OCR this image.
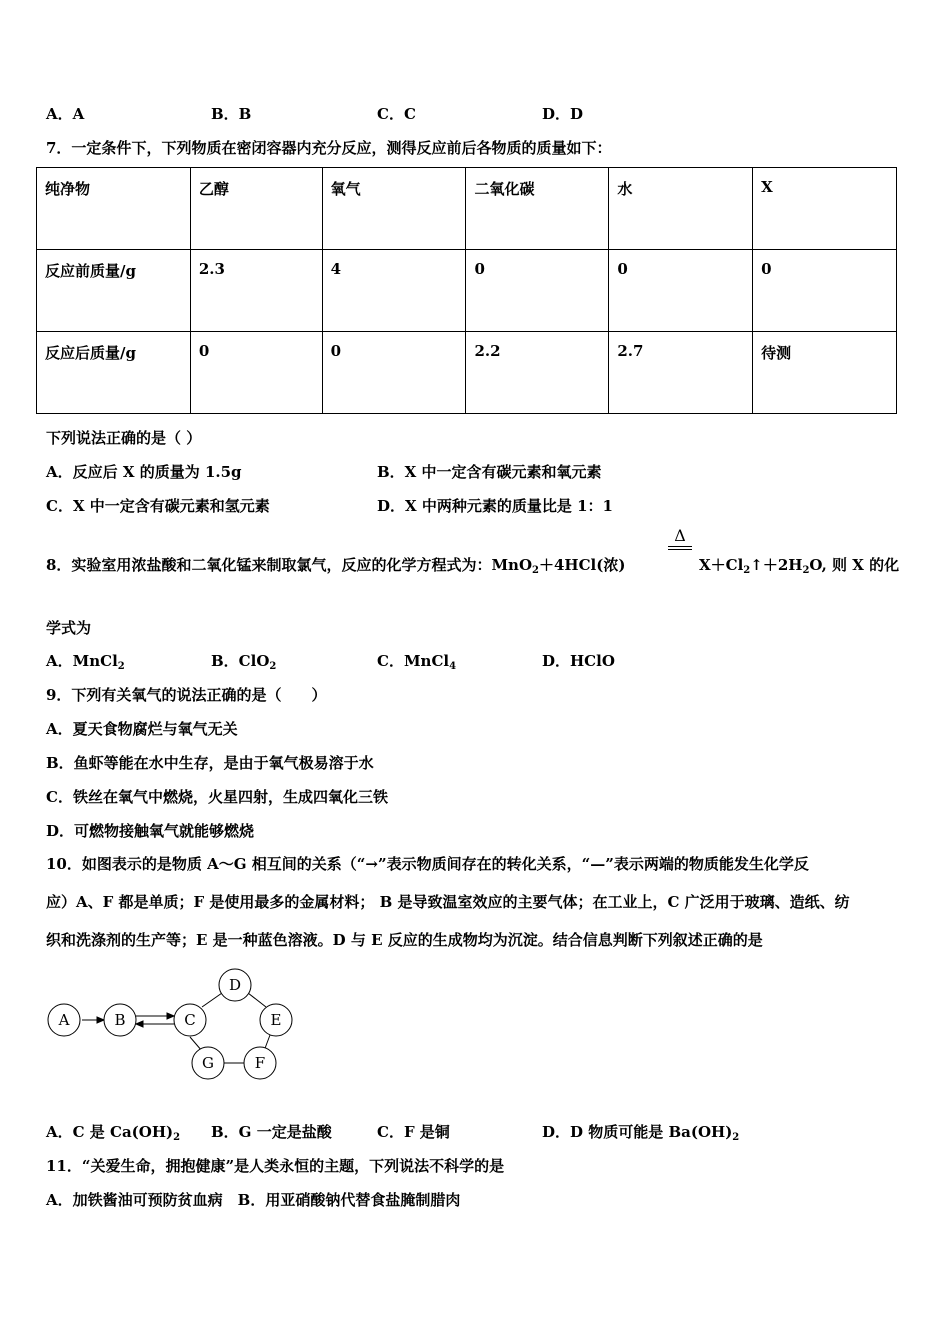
A．A	B．B	C．C	D．D
7．一定条件下，下列物质在密闭容器内充分反应，测得反应前后各物质的质量如下：
纯净物	乙醇	氧气	二氧化碳	水	X
反应前质量/g	2.3	4	0	0	0
反应后质量/g	0	0	2.2	2.7	待测
下列说法正确的是（ ）
A．反应后 X 的质量为 1.5g	B．X 中一定含有碳元素和氧元素
C．X 中一定含有碳元素和氢元素	D．X 中两种元素的质量比是 1：1
8．实验室用浓盐酸和二氧化锰来制取氯气，反应的化学方程式为：MnO$_2$＋4HCl(浓)
Δ
$X+Cl_2↑+2H_2O$, 则 X 的化
学式为
A．MnCl$_2$	B．ClO$_2$	C．MnCl$_4$	D．HClO
9．下列有关氧气的说法正确的是（　　）
A．夏天食物腐烂与氧气无关
B．鱼虾等能在水中生存，是由于氧气极易溶于水
C．铁丝在氧气中燃烧，火星四射，生成四氧化三铁
D．可燃物接触氧气就能够燃烧
10．如图表示的是物质 A～G 相互间的关系（“→”表示物质间存在的转化关系，“—”表示两端的物质能发生化学反
应）A、F 都是单质；F 是使用最多的金属材料； B 是导致温室效应的主要气体；在工业上，C 广泛用于玻璃、造纸、纺
织和洗涤剂的生产等；E 是一种蓝色溶液。D 与 E 反应的生成物均为沉淀。结合信息判断下列叙述正确的是
A	B	C
D
E
F
G
A．C 是 $Ca(OH)_2$ B．G 一定是盐酸	C．F 是铜	D．D 物质可能是 $Ba(OH)_2$
11．“关爱生命，拥抱健康”是人类永恒的主题，下列说法不科学的是
A．加铁酱油可预防贫血病　B．用亚硝酸钠代替食盐腌制腊肉
